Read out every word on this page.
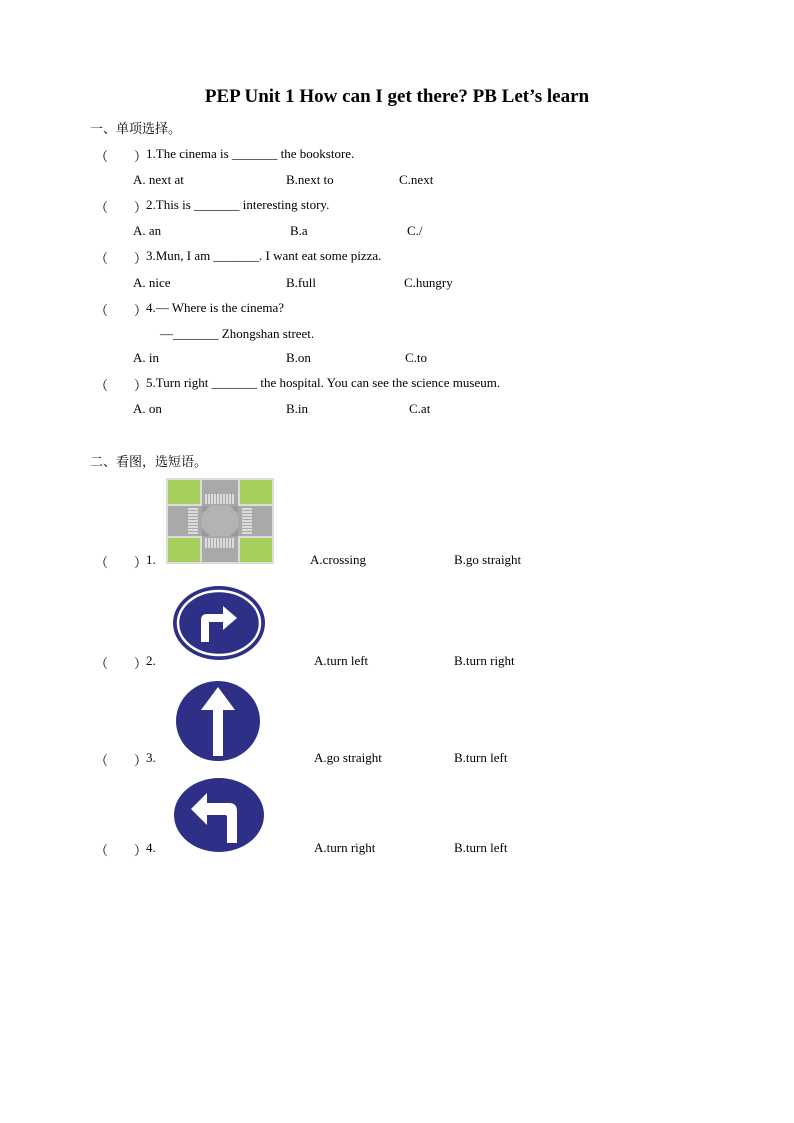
PEP Unit 1 How can I get there? PB Let’s learn
一、单项选择。
（　　）
1.The cinema is _______ the bookstore.
A. next at	B.next to	C.next
（　　）
2.This is _______ interesting story.
A. an	B.a	C./
（　　）
3.Mun, I am _______. I want eat some pizza.
A. nice	B.full	C.hungry
（　　）
4.— Where is the cinema?
—_______ Zhongshan street.
A. in	B.on	C.to
（　　）
5.Turn right _______ the hospital. You can see the science museum.
A. on	B.in	C.at
二、看图，选短语。
（　　）
1.	A.crossing	B.go straight
（　　）
2.	A.turn left	B.turn right
（　　）
3.	A.go straight	B.turn left
（　　）
4.	A.turn right	B.turn left
